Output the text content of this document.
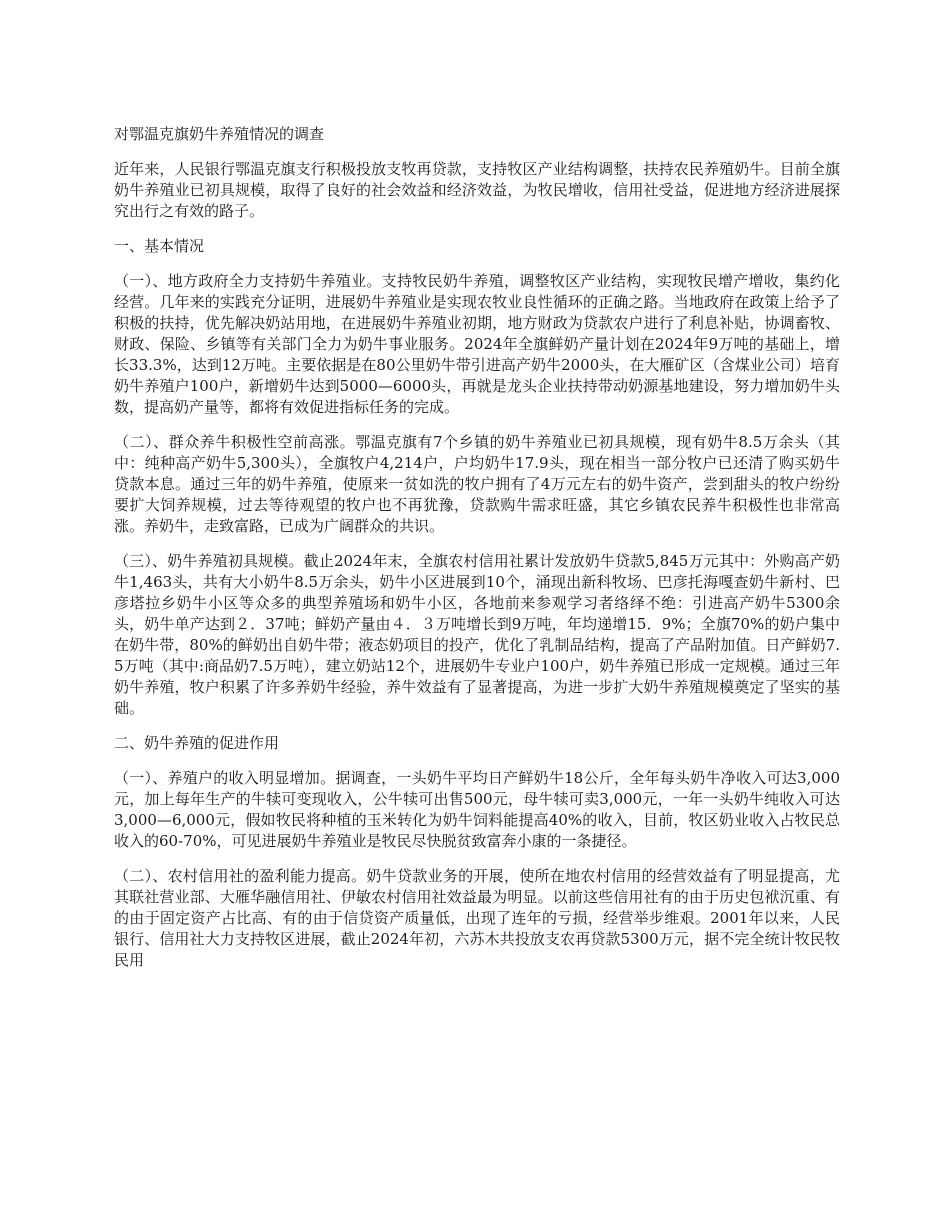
对鄂温克旗奶牛养殖情况的调查

近年来，人民银行鄂温克旗支行积极投放支牧再贷款，支持牧区产业结构调整，扶持农民养殖奶牛。目前全旗奶牛养殖业已初具规模，取得了良好的社会效益和经济效益，为牧民增收，信用社受益，促进地方经济进展探究出行之有效的路子。

一、基本情况

（一）、地方政府全力支持奶牛养殖业。支持牧民奶牛养殖，调整牧区产业结构，实现牧民增产增收，集约化经营。几年来的实践充分证明，进展奶牛养殖业是实现农牧业良性循环的正确之路。当地政府在政策上给予了积极的扶持，优先解决奶站用地，在进展奶牛养殖业初期，地方财政为贷款农户进行了利息补贴，协调畜牧、财政、保险、乡镇等有关部门全力为奶牛事业服务。2024年全旗鲜奶产量计划在2024年9万吨的基础上，增长33.3%，达到12万吨。主要依据是在80公里奶牛带引进高产奶牛2000头，在大雁矿区（含煤业公司）培育奶牛养殖户100户，新增奶牛达到5000—6000头，再就是龙头企业扶持带动奶源基地建设，努力增加奶牛头数，提高奶产量等，都将有效促进指标任务的完成。

（二）、群众养牛积极性空前高涨。鄂温克旗有7个乡镇的奶牛养殖业已初具规模，现有奶牛8.5万余头（其中：纯种高产奶牛5,300头），全旗牧户4,214户，户均奶牛17.9头，现在相当一部分牧户已还清了购买奶牛贷款本息。通过三年的奶牛养殖，使原来一贫如洗的牧户拥有了4万元左右的奶牛资产，尝到甜头的牧户纷纷要扩大饲养规模，过去等待观望的牧户也不再犹豫，贷款购牛需求旺盛，其它乡镇农民养牛积极性也非常高涨。养奶牛，走致富路，已成为广阔群众的共识。

（三）、奶牛养殖初具规模。截止2024年末，全旗农村信用社累计发放奶牛贷款5,845万元其中：外购高产奶牛1,463头，共有大小奶牛8.5万余头，奶牛小区进展到10个，涌现出新科牧场、巴彦托海嘎查奶牛新村、巴彦塔拉乡奶牛小区等众多的典型养殖场和奶牛小区，各地前来参观学习者络绎不绝：引进高产奶牛5300余头，奶牛单产达到２．37吨；鲜奶产量由４．３万吨增长到9万吨，年均递增15．9%；全旗70%的奶户集中在奶牛带，80%的鲜奶出自奶牛带；液态奶项目的投产，优化了乳制品结构，提高了产品附加值。日产鲜奶7.5万吨（其中:商品奶7.5万吨），建立奶站12个，进展奶牛专业户100户，奶牛养殖已形成一定规模。通过三年奶牛养殖，牧户积累了许多养奶牛经验，养牛效益有了显著提高，为进一步扩大奶牛养殖规模奠定了坚实的基础。

二、奶牛养殖的促进作用

（一）、养殖户的收入明显增加。据调查，一头奶牛平均日产鲜奶牛18公斤，全年每头奶牛净收入可达3,000元，加上每年生产的牛犊可变现收入，公牛犊可出售500元，母牛犊可卖3,000元，一年一头奶牛纯收入可达3,000—6,000元，假如牧民将种植的玉米转化为奶牛饲料能提高40%的收入，目前，牧区奶业收入占牧民总收入的60-70%，可见进展奶牛养殖业是牧民尽快脱贫致富奔小康的一条捷径。

（二）、农村信用社的盈利能力提高。奶牛贷款业务的开展，使所在地农村信用的经营效益有了明显提高，尤其联社营业部、大雁华融信用社、伊敏农村信用社效益最为明显。以前这些信用社有的由于历史包袱沉重、有的由于固定资产占比高、有的由于信贷资产质量低，出现了连年的亏损，经营举步维艰。2001年以来，人民银行、信用社大力支持牧区进展，截止2024年初，六苏木共投放支农再贷款5300万元，据不完全统计牧民牧民用
